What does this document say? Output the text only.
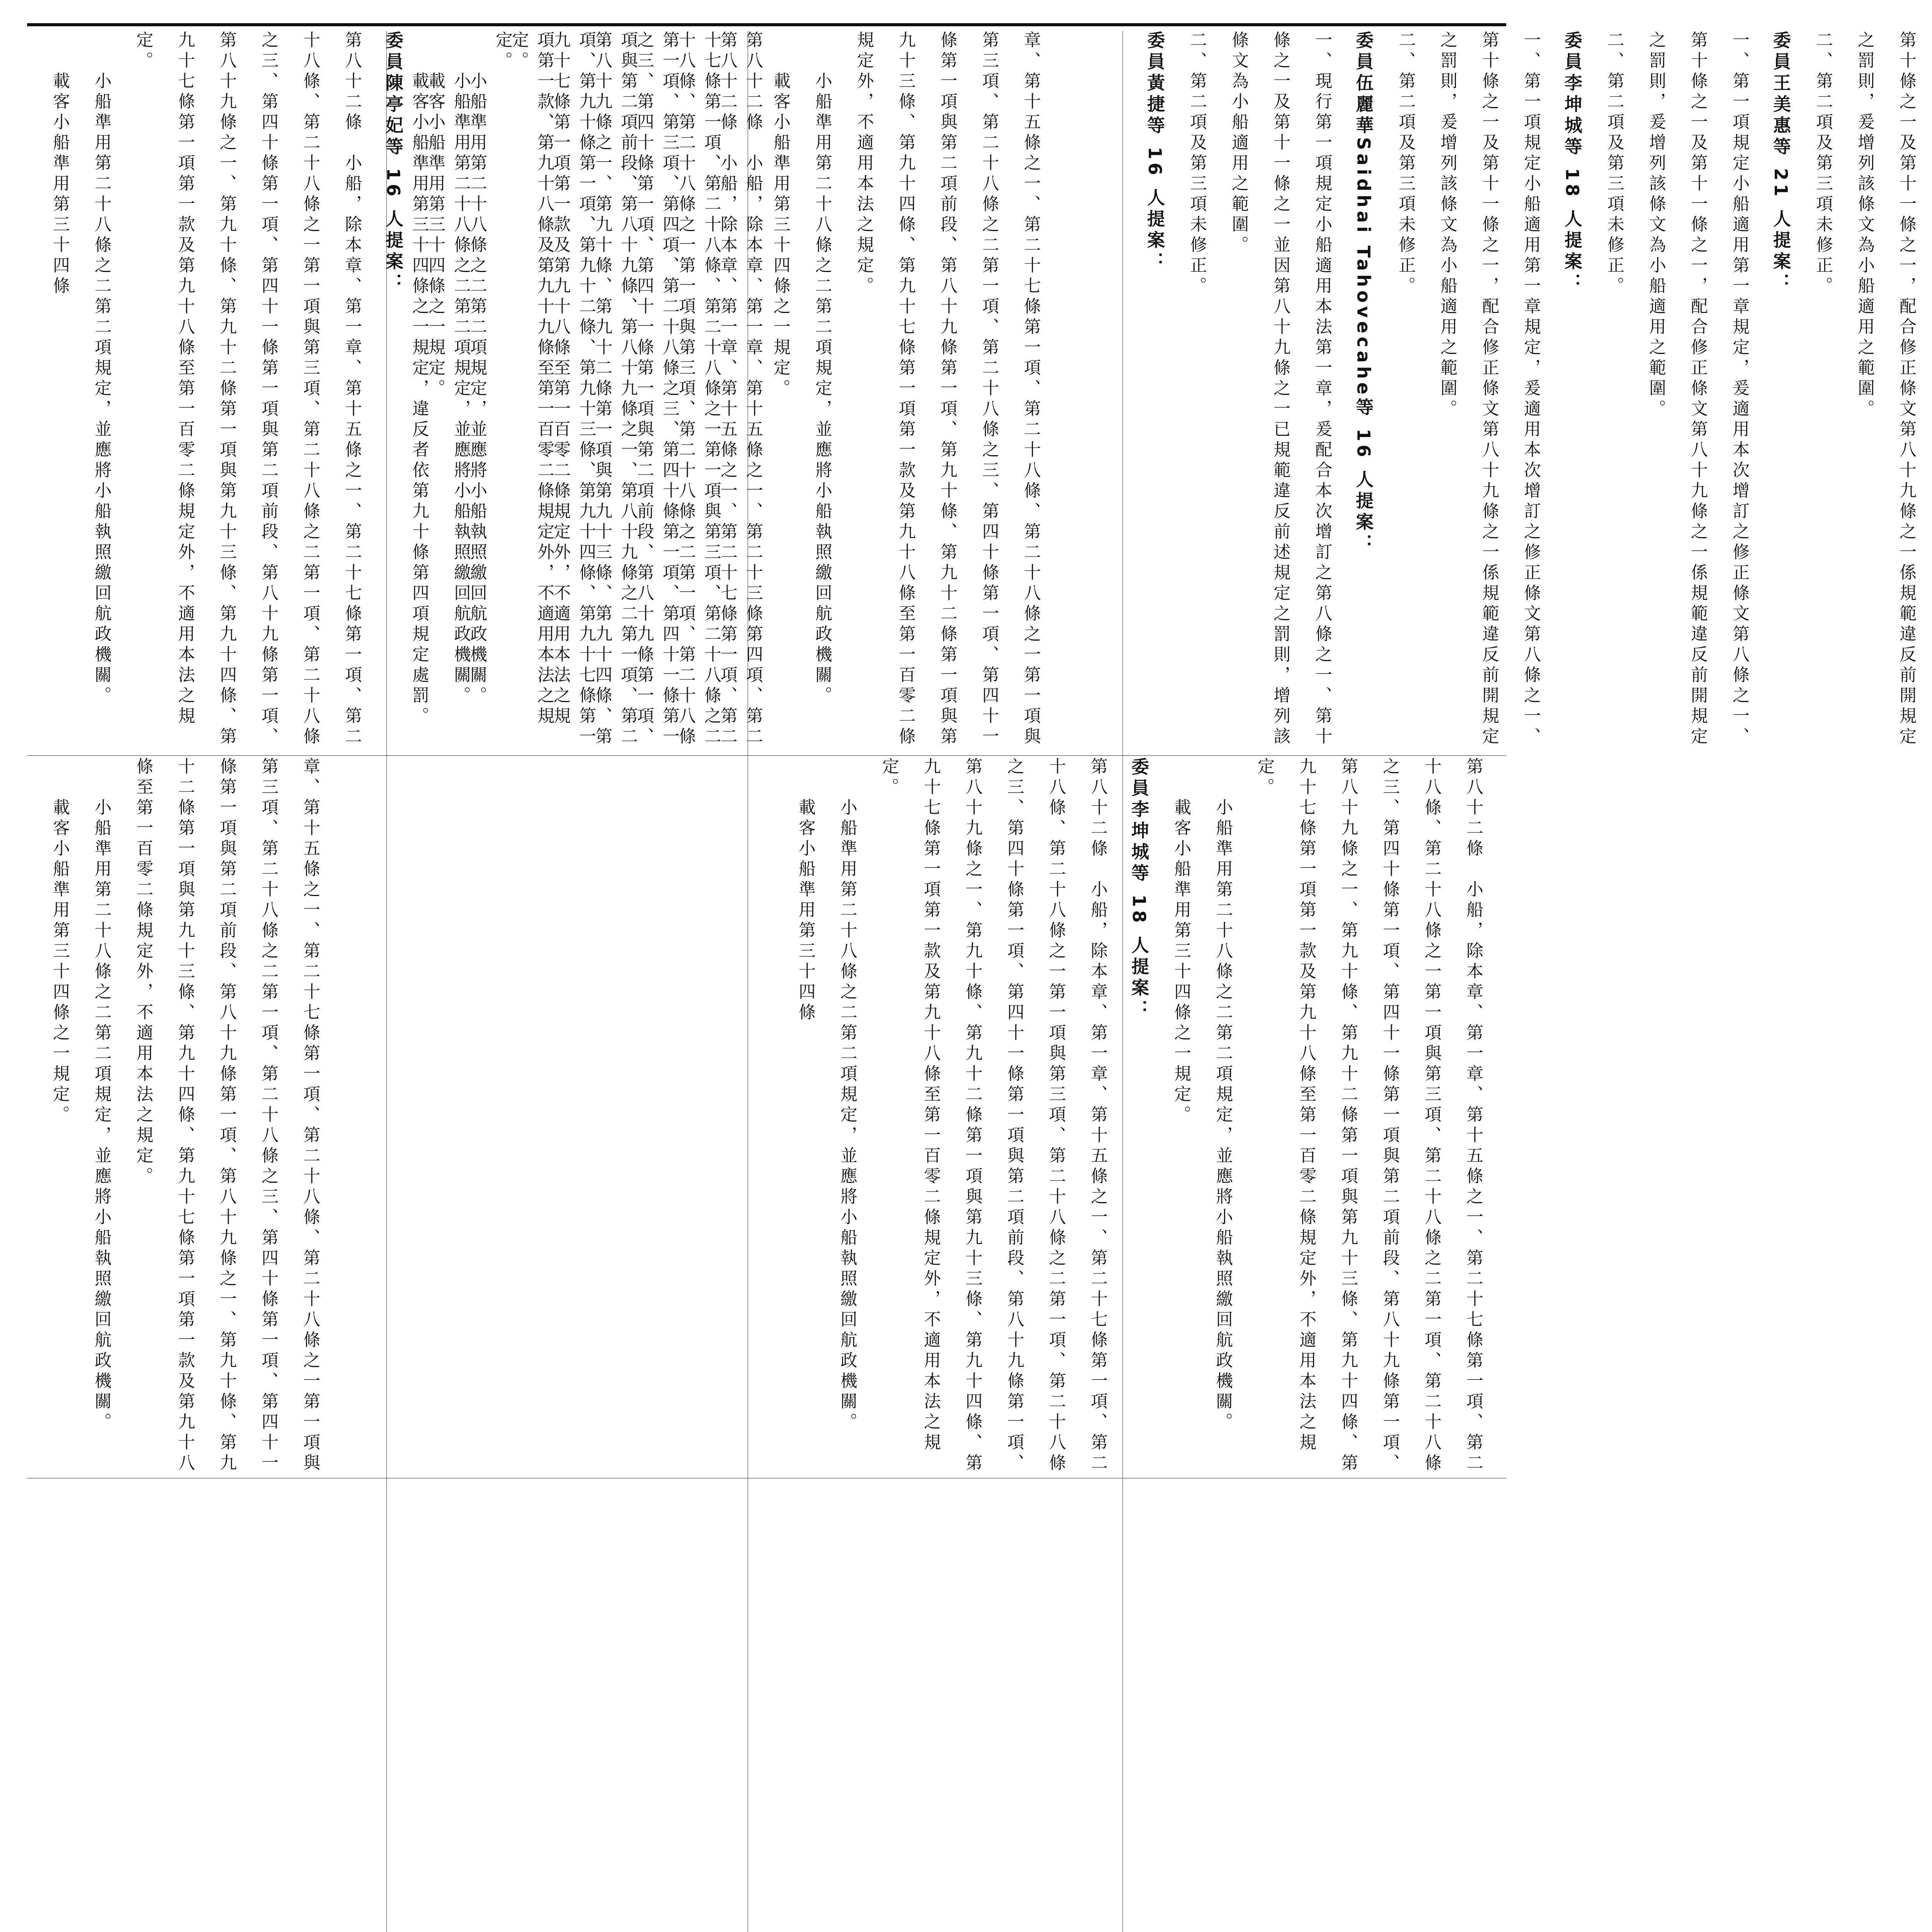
第十條之一及第十一條之一，配合修正條文第八十九條之一係規範違反前開規定之罰則，爰增列該條文為小船適用之範圍。

二、第二項及第三項未修正。

委員王美惠等 21 人提案：

一、第一項規定小船適用第一章規定，爰適用本次增訂之修正條文第八條之一、第十條之一及第十一條之一，配合修正條文第八十九條之一係規範違反前開規定之罰則，爰增列該條文為小船適用之範圍。

二、第二項及第三項未修正。

委員李坤城等 18 人提案：

一、第一項規定小船適用第一章規定，爰適用本次增訂之修正條文第八條之一、第十條之一及第十一條之一，配合修正條文第八十九條之一係規範違反前開規定之罰則，爰增列該條文為小船適用之範圍。

二、第二項及第三項未修正。

委員伍麗華Saidhai Tahovecahe等 16 人提案：

一、現行第一項規定小船適用本法第一章，爰配合本次增訂之第八條之一、第十條之一及第十一條之一並因第八十九條之一已規範違反前述規定之罰則，增列該條文為小船適用之範圍。

二、第二項及第三項未修正。

委員黃捷等 16 人提案：

章、第十五條之一、第二十七條第一項、第二十八條、第二十八條之一第一項與第三項、第二十八條之二第一項、第二十八條之三、第四十條第一項、第四十一條第一項與第二項前段、第八十九條第一項、第九十條、第九十二條第一項與第九十三條、第九十四條、第九十七條第一項第一款及第九十八條至第一百零二條規定外，不適用本法之規定。

　　小船準用第二十八條之二第二項規定，並應將小船執照繳回航政機關。

　　載客小船準用第三十四條之一規定。

第八十二條　小船，除本章、第一章、第十五條之一、第二十三條第四項、第二十七條第一項、第二十八條、第二十八條之一第一項與第三項、第二十八條之二第一項、第三項、第四項、第二十八條之三、第四十條第一項、第四十一條第一項與第二項前段、第八十九條、第八十九條之一、第八十九條之二第一項、第二項、第九十條第一項、第九十二條、第九十三條、第九十四條、第九十七條第一項第一款、第九十八條及第九十九條至第一百零二條規定外，不適用本法之規定。

　　小船準用第二十八條之二第二項規定，並應將小船執照繳回航政機關。

　　載客小船準用第三十四條之一規定，違反者依第九十條第四項規定處罰。	第八十二條　小船，除本章、第一章、第十五條之一、第二十七條第一項、第二十八條、第二十八條之一第一項與第三項、第二十八條之二第一項、第二十八條之三、第四十條第一項、第四十一條第一項與第二項前段、第八十九條第一項、第八十九條之一、第九十條、第九十二條第一項與第九十三條、第九十四條、第九十七條第一項第一款及第九十八條至第一百零二條規定外，不適用本法之規定。

　　小船準用第二十八條之二第二項規定，並應將小船執照繳回航政機關。

　　載客小船準用第三十四條之一規定。

委員陳亭妃等 16 人提案：

第八十二條　小船，除本章、第一章、第十五條之一、第二十七條第一項、第二十八條、第二十八條之一第一項與第三項、第二十八條之二第一項、第二十八條之三、第四十條第一項、第四十一條第一項與第二項前段、第八十九條第一項、第八十九條之一、第九十條、第九十二條第一項與第九十三條、第九十四條、第九十七條第一項第一款及第九十八條至第一百零二條規定外，不適用本法之規定。

　　小船準用第二十八條之二第二項規定，並應將小船執照繳回航政機關。

　　載客小船準用第三十四條

第八十二條　小船，除本章、第一章、第十五條之一、第二十七條第一項、第二十八條、第二十八條之一第一項與第三項、第二十八條之二第一項、第二十八條之三、第四十條第一項、第四十一條第一項與第二項前段、第八十九條第一項、第八十九條之一、第九十條、第九十二條第一項與第九十三條、第九十四條、第九十七條第一項第一款及第九十八條至第一百零二條規定外，不適用本法之規定。

　　小船準用第二十八條之二第二項規定，並應將小船執照繳回航政機關。

　　載客小船準用第三十四條之一規定。

委員李坤城等 18 人提案：

第八十二條　小船，除本章、第一章、第十五條之一、第二十七條第一項、第二十八條、第二十八條之一第一項與第三項、第二十八條之二第一項、第二十八條之三、第四十條第一項、第四十一條第一項與第二項前段、第八十九條第一項、第八十九條之一、第九十條、第九十二條第一項與第九十三條、第九十四條、第九十七條第一項第一款及第九十八條至第一百零二條規定外，不適用本法之規定。

　　小船準用第二十八條之二第二項規定，並應將小船執照繳回航政機關。

　　載客小船準用第三十四條

章、第十五條之一、第二十七條第一項、第二十八條、第二十八條之一第一項與第三項、第二十八條之二第一項、第二十八條之三、第四十條第一項、第四十一條第一項與第二項前段、第八十九條第一項、第八十九條之一、第九十條、第九十二條第一項與第九十三條、第九十四條、第九十七條第一項第一款及第九十八條至第一百零二條規定外，不適用本法之規定。

　　小船準用第二十八條之二第二項規定，並應將小船執照繳回航政機關。

　　載客小船準用第三十四條之一規定。
